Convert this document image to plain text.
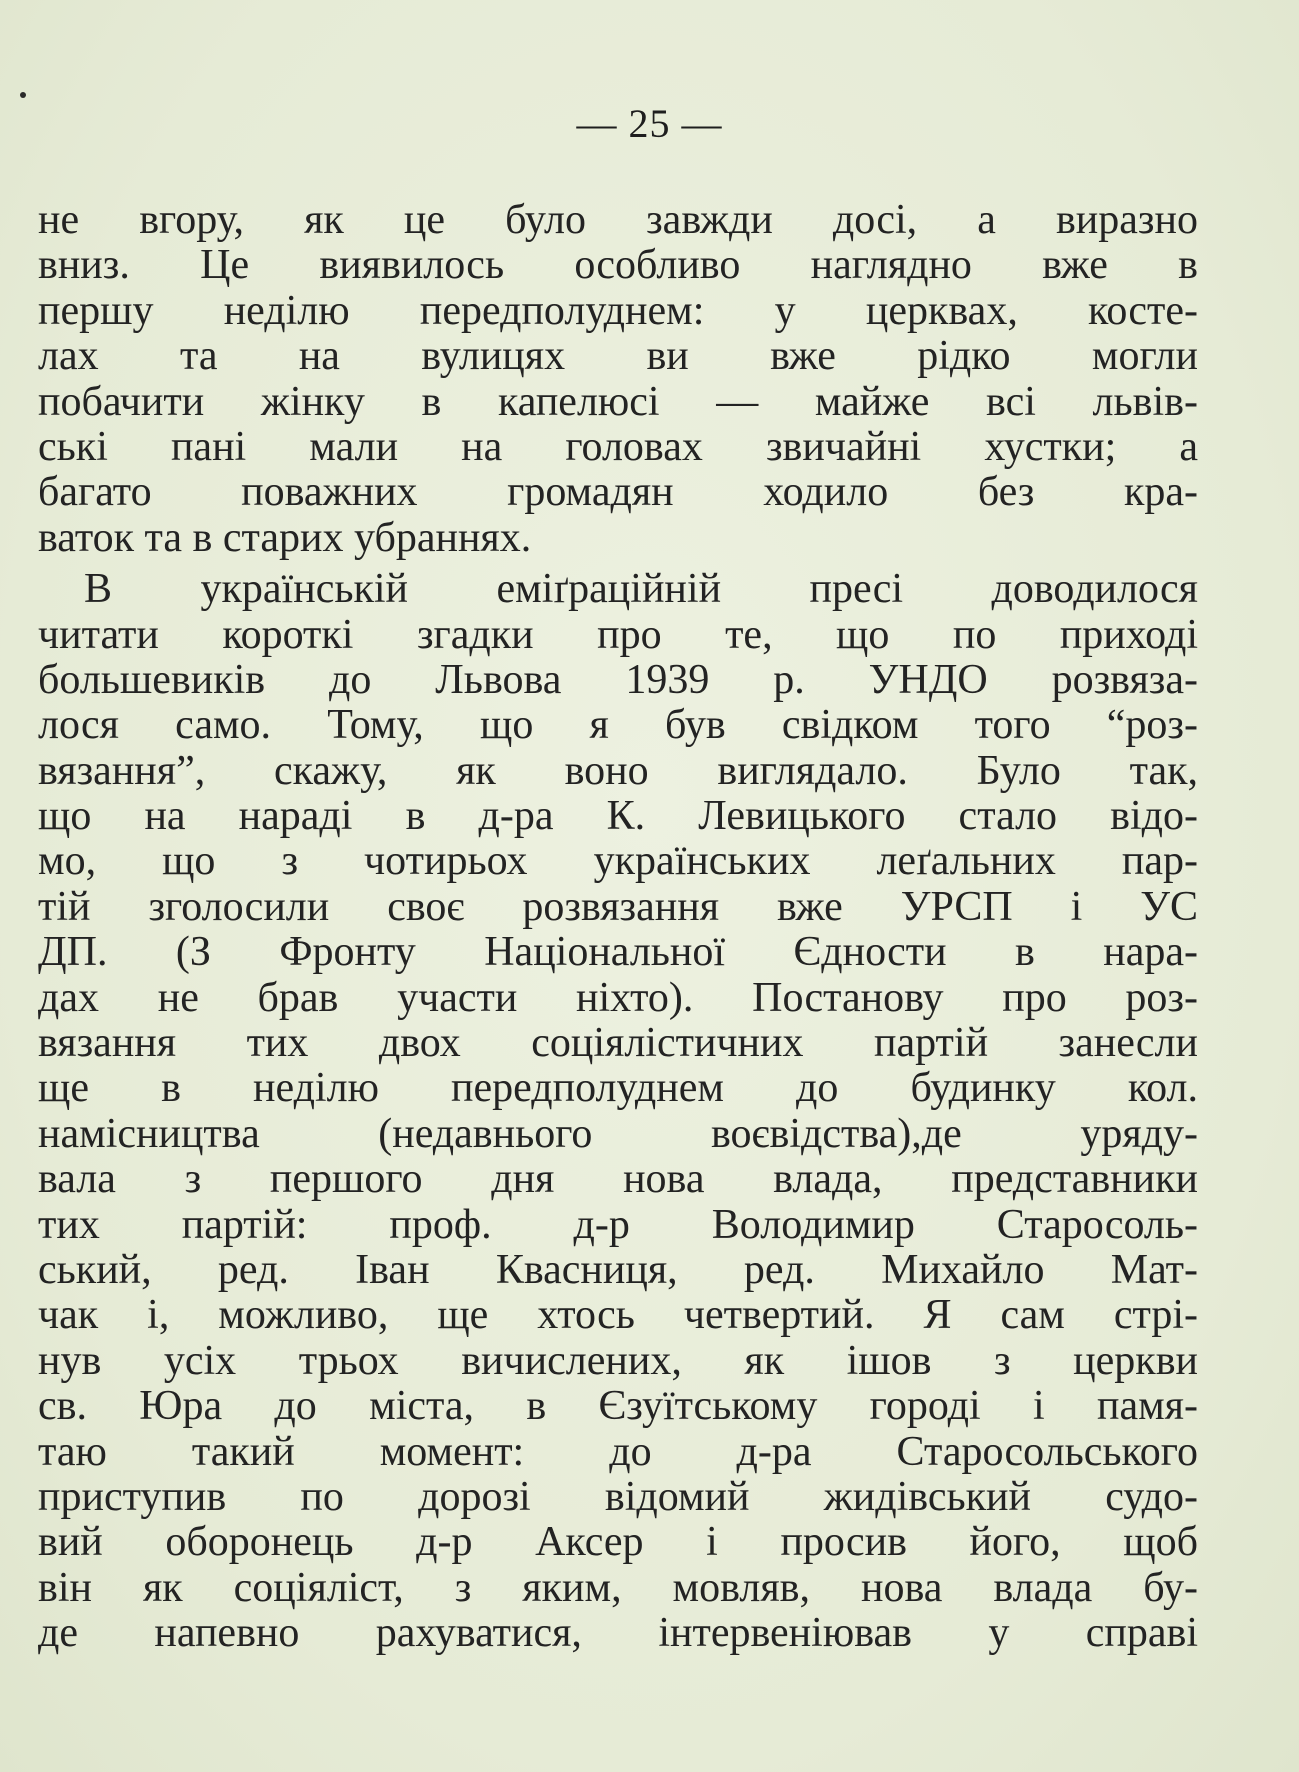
— 25 —
не вгору, як це було завжди досі, а виразно
вниз. Це виявилось особливо наглядно вже в
першу неділю передполуднем: у церквах, косте-
лах та на вулицях ви вже рідко могли
побачити жінку в капелюсі — майже всі львів-
ські пані мали на головах звичайні хустки; а
багато поважних громадян ходило без кра-
ваток та в старих убраннях.
В українській еміґраційній пресі доводилося
читати короткі згадки про те, що по приході
большевиків до Львова 1939 р. УНДО розвяза-
лося само. Тому, що я був свідком того “роз-
вязання”, скажу, як воно виглядало. Було так,
що на нараді в д-ра К. Левицького стало відо-
мо, що з чотирьох українських леґальних пар-
тій зголосили своє розвязання вже УРСП і УС
ДП. (З Фронту Національної Єдности в нара-
дах не брав участи ніхто). Постанову про роз-
вязання тих двох соціялістичних партій занесли
ще в неділю передполуднем до будинку кол.
намісництва (недавнього воєвідства),де уряду-
вала з першого дня нова влада, представники
тих партій: проф. д-р Володимир Старосоль-
ський, ред. Іван Квасниця, ред. Михайло Мат-
чак і, можливо, ще хтось четвертий. Я сам стрі-
нув усіх трьох вичислених, як ішов з церкви
св. Юра до міста, в Єзуїтському городі і памя-
таю такий момент: до д-ра Старосольського
приступив по дорозі відомий жидівський судо-
вий оборонець д-р Аксер і просив його, щоб
він як соціяліст, з яким, мовляв, нова влада бу-
де напевно рахуватися, інтервеніював у справі
